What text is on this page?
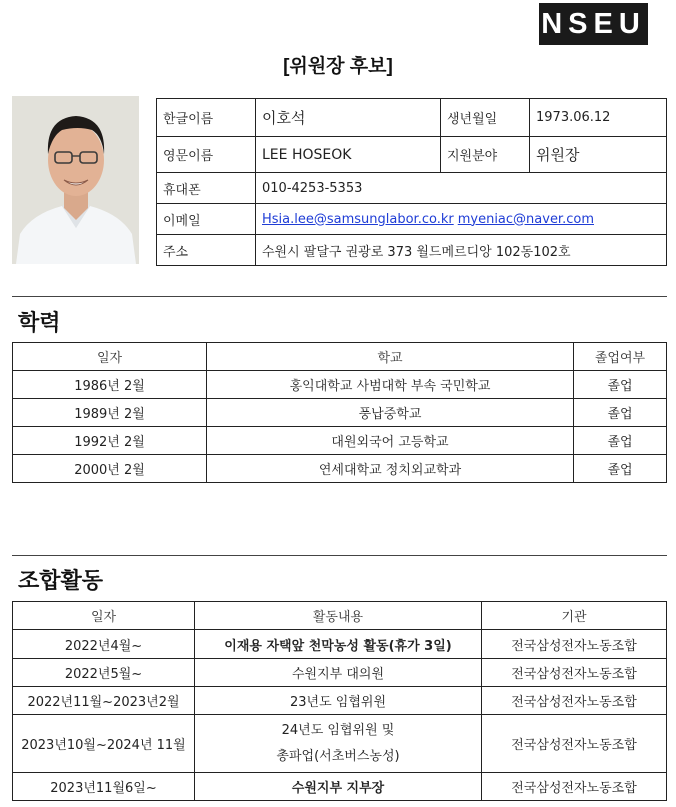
NSEU
[위원장 후보]
한글이름	이호석	생년월일	1973.06.12
영문이름	LEE HOSEOK	지원분야	위원장
휴대폰	010-4253-5353		
이메일	Hsia.lee@samsunglabor.co.kr myeniac@naver.com		
주소	수원시 팔달구 권광로 373 월드메르디앙 102동102호		
학력
일자	학교	졸업여부
1986년 2월	홍익대학교 사범대학 부속 국민학교	졸업
1989년 2월	풍납중학교	졸업
1992년 2월	대원외국어 고등학교	졸업
2000년 2월	연세대학교 정치외교학과	졸업
조합활동
일자	활동내용	기관
2022년4월~	이재용 자택앞 천막농성 활동(휴가 3일)	전국삼성전자노동조합
2022년5월~	수원지부 대의원	전국삼성전자노동조합
2022년11월~2023년2월	23년도 임협위원	전국삼성전자노동조합
2023년10월~2024년 11월	24년도 임협위원 및
총파업(서초버스농성)	전국삼성전자노동조합
2023년11월6일~	수원지부 지부장	전국삼성전자노동조합
